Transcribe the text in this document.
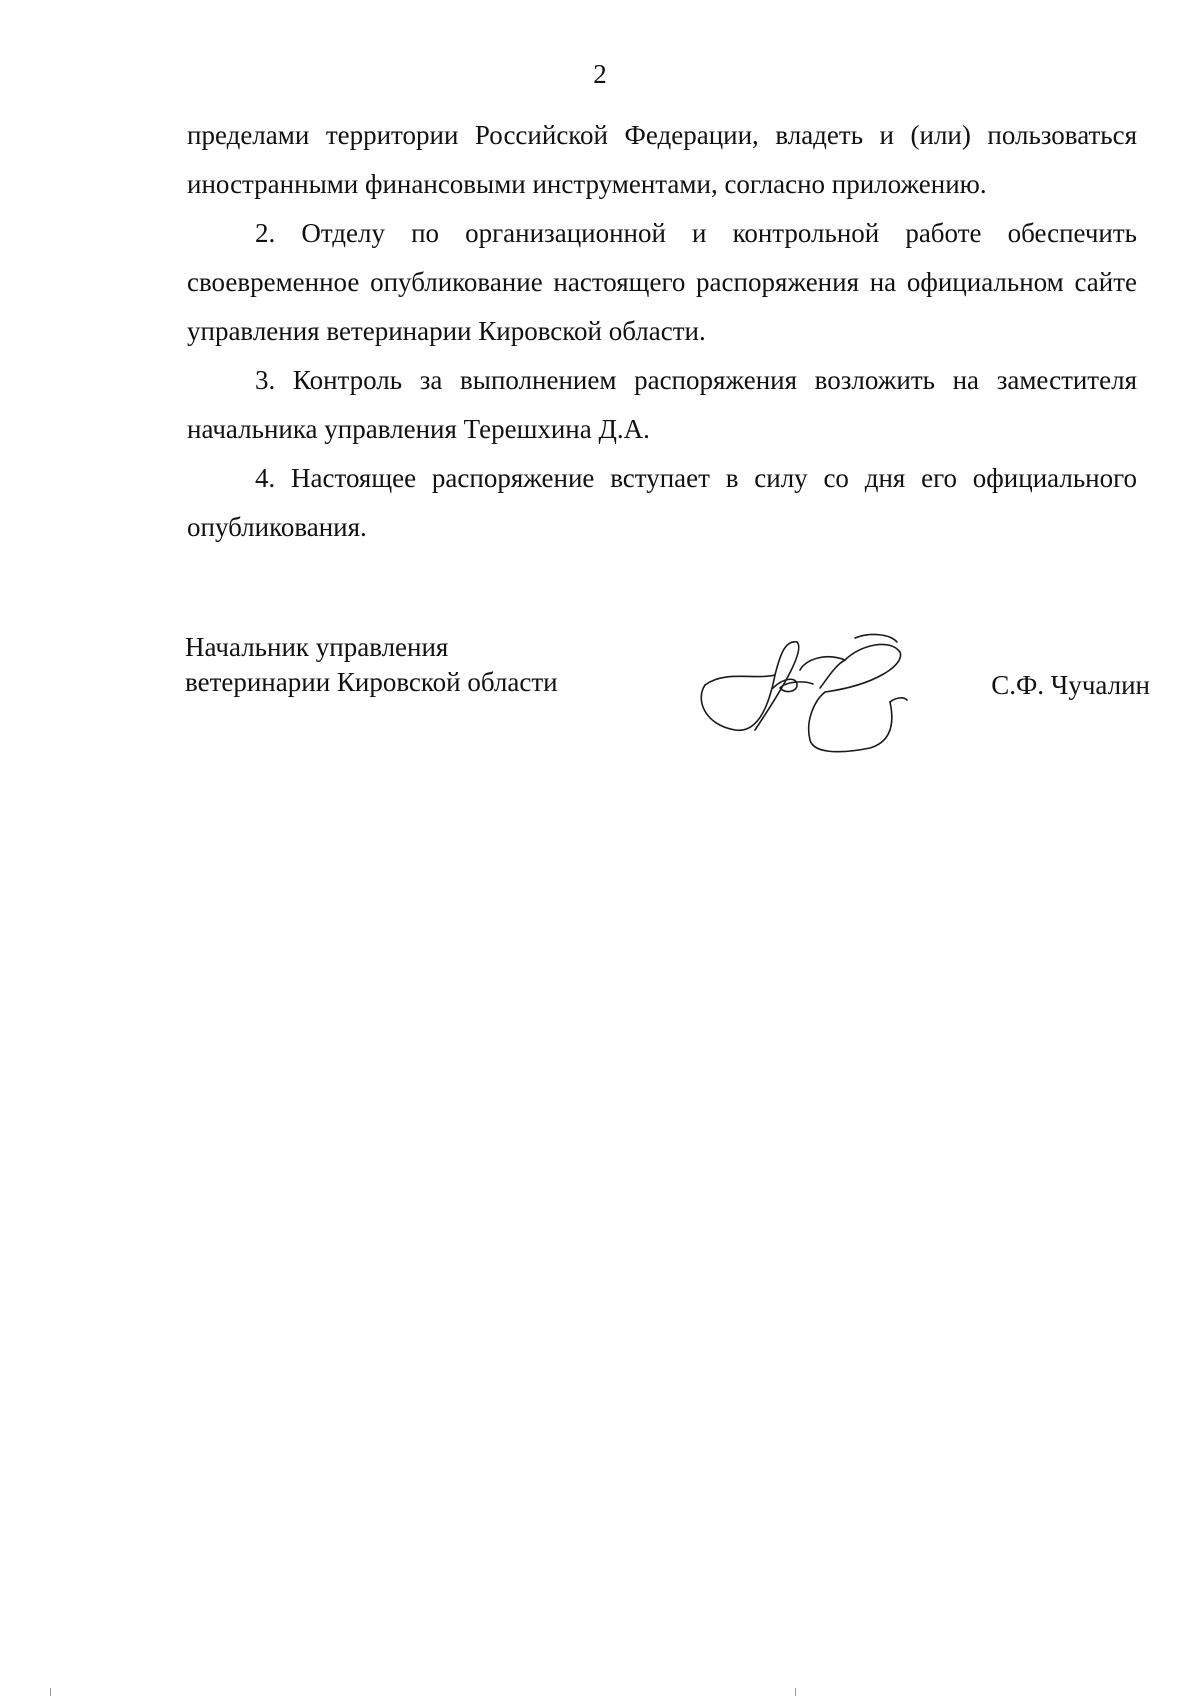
2

пределами территории Российской Федерации, владеть и (или) пользоваться иностранными финансовыми инструментами, согласно приложению.

2. Отделу по организационной и контрольной работе обеспечить своевременное опубликование настоящего распоряжения на официальном сайте управления ветеринарии Кировской области.

3. Контроль за выполнением распоряжения возложить на заместителя начальника управления Терешхина Д.А.

4. Настоящее распоряжение вступает в силу со дня его официального опубликования.

Начальник управления
ветеринарии Кировской области	С.Ф. Чучалин
